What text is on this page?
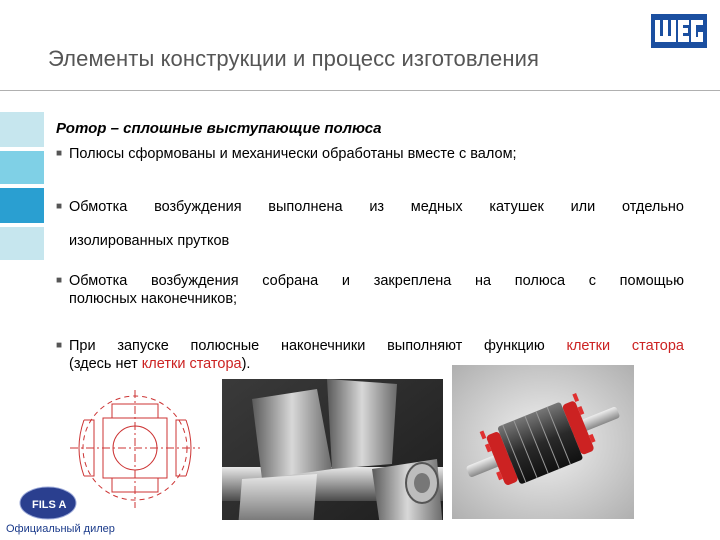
Элементы конструкции и процесс изготовления
Ротор – сплошные выступающие полюса
■ Полюсы сформованы и механически обработаны вместе с валом;
■ Обмотка возбуждения выполнена из медных катушек или отдельно
изолированных прутков
■ Обмотка возбуждения собрана и закреплена на полюса с помощью
полюсных наконечников;
■ При запуске полюсные наконечники выполняют функцию клетки статора
(здесь нет клетки статора).
FILS A
Официальный дилер
